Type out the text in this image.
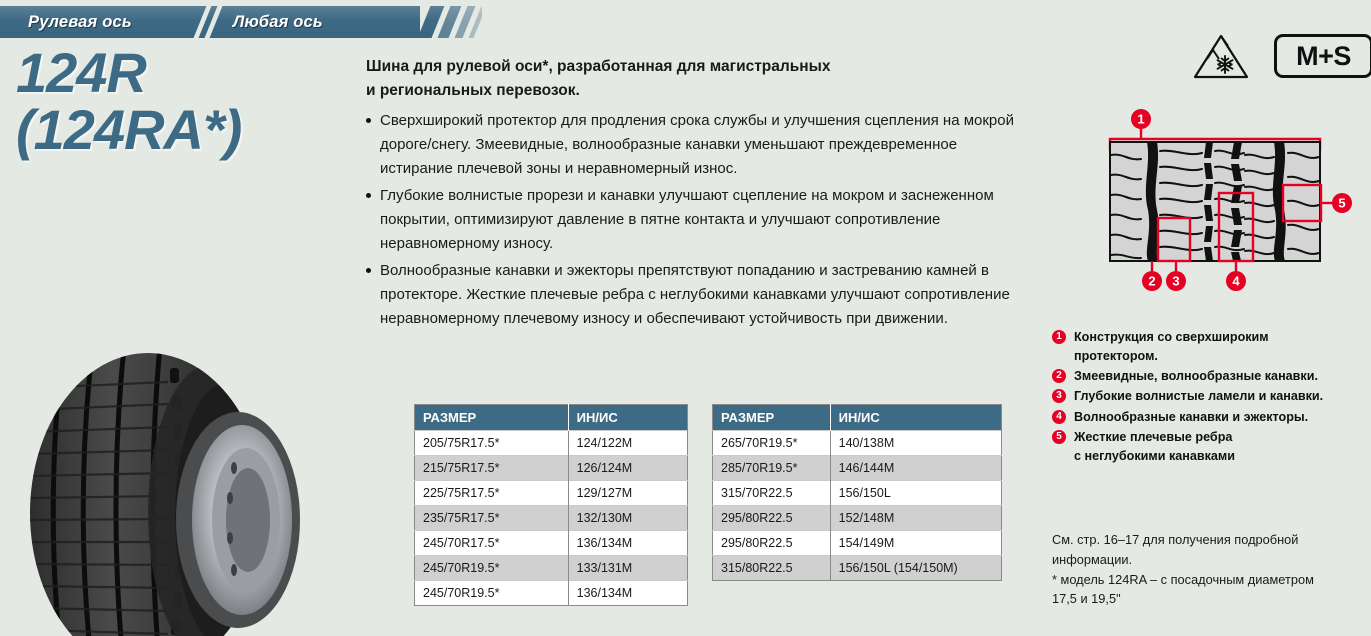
Рулевая ось	Любая ось
124R
(124RA*)

Шина для рулевой оси*, разработанная для магистральных
и региональных перевозок.

Сверхширокий протектор для продления срока службы и улучшения сцепления на мокрой дороге/снегу. Змеевидные, волнообразные канавки уменьшают преждевременное истирание плечевой зоны и неравномерный износ.
Глубокие волнистые прорези и канавки улучшают сцепление на мокром и заснеженном покрытии, оптимизируют давление в пятне контакта и улучшают сопротивление неравномерному износу.
Волнообразные канавки и эжекторы препятствуют попаданию и застреванию камней в протекторе. Жесткие плечевые ребра с неглубокими канавками улучшают сопротивление неравномерному плечевому износу и обеспечивают устойчивость при движении.
РАЗМЕР	ИН/ИС
205/75R17.5*	124/122M
215/75R17.5*	126/124M
225/75R17.5*	129/127M
235/75R17.5*	132/130M
245/70R17.5*	136/134M
245/70R19.5*	133/131M
245/70R19.5*	136/134M
РАЗМЕР	ИН/ИС
265/70R19.5*	140/138M
285/70R19.5*	146/144M
315/70R22.5	156/150L
295/80R22.5	152/148M
295/80R22.5	154/149M
315/80R22.5	156/150L (154/150M)
M+S
1
5
2 3	4
1 Конструкция со сверхшироким
протектором.
2 Змеевидные, волнообразные канавки.
3 Глубокие волнистые ламели и канавки.
4 Волнообразные канавки и эжекторы.
5 Жесткие плечевые ребра
с неглубокими канавками

См. стр. 16–17 для получения подробной

информации.

* модель 124RA – с посадочным диаметром

17,5 и 19,5"
